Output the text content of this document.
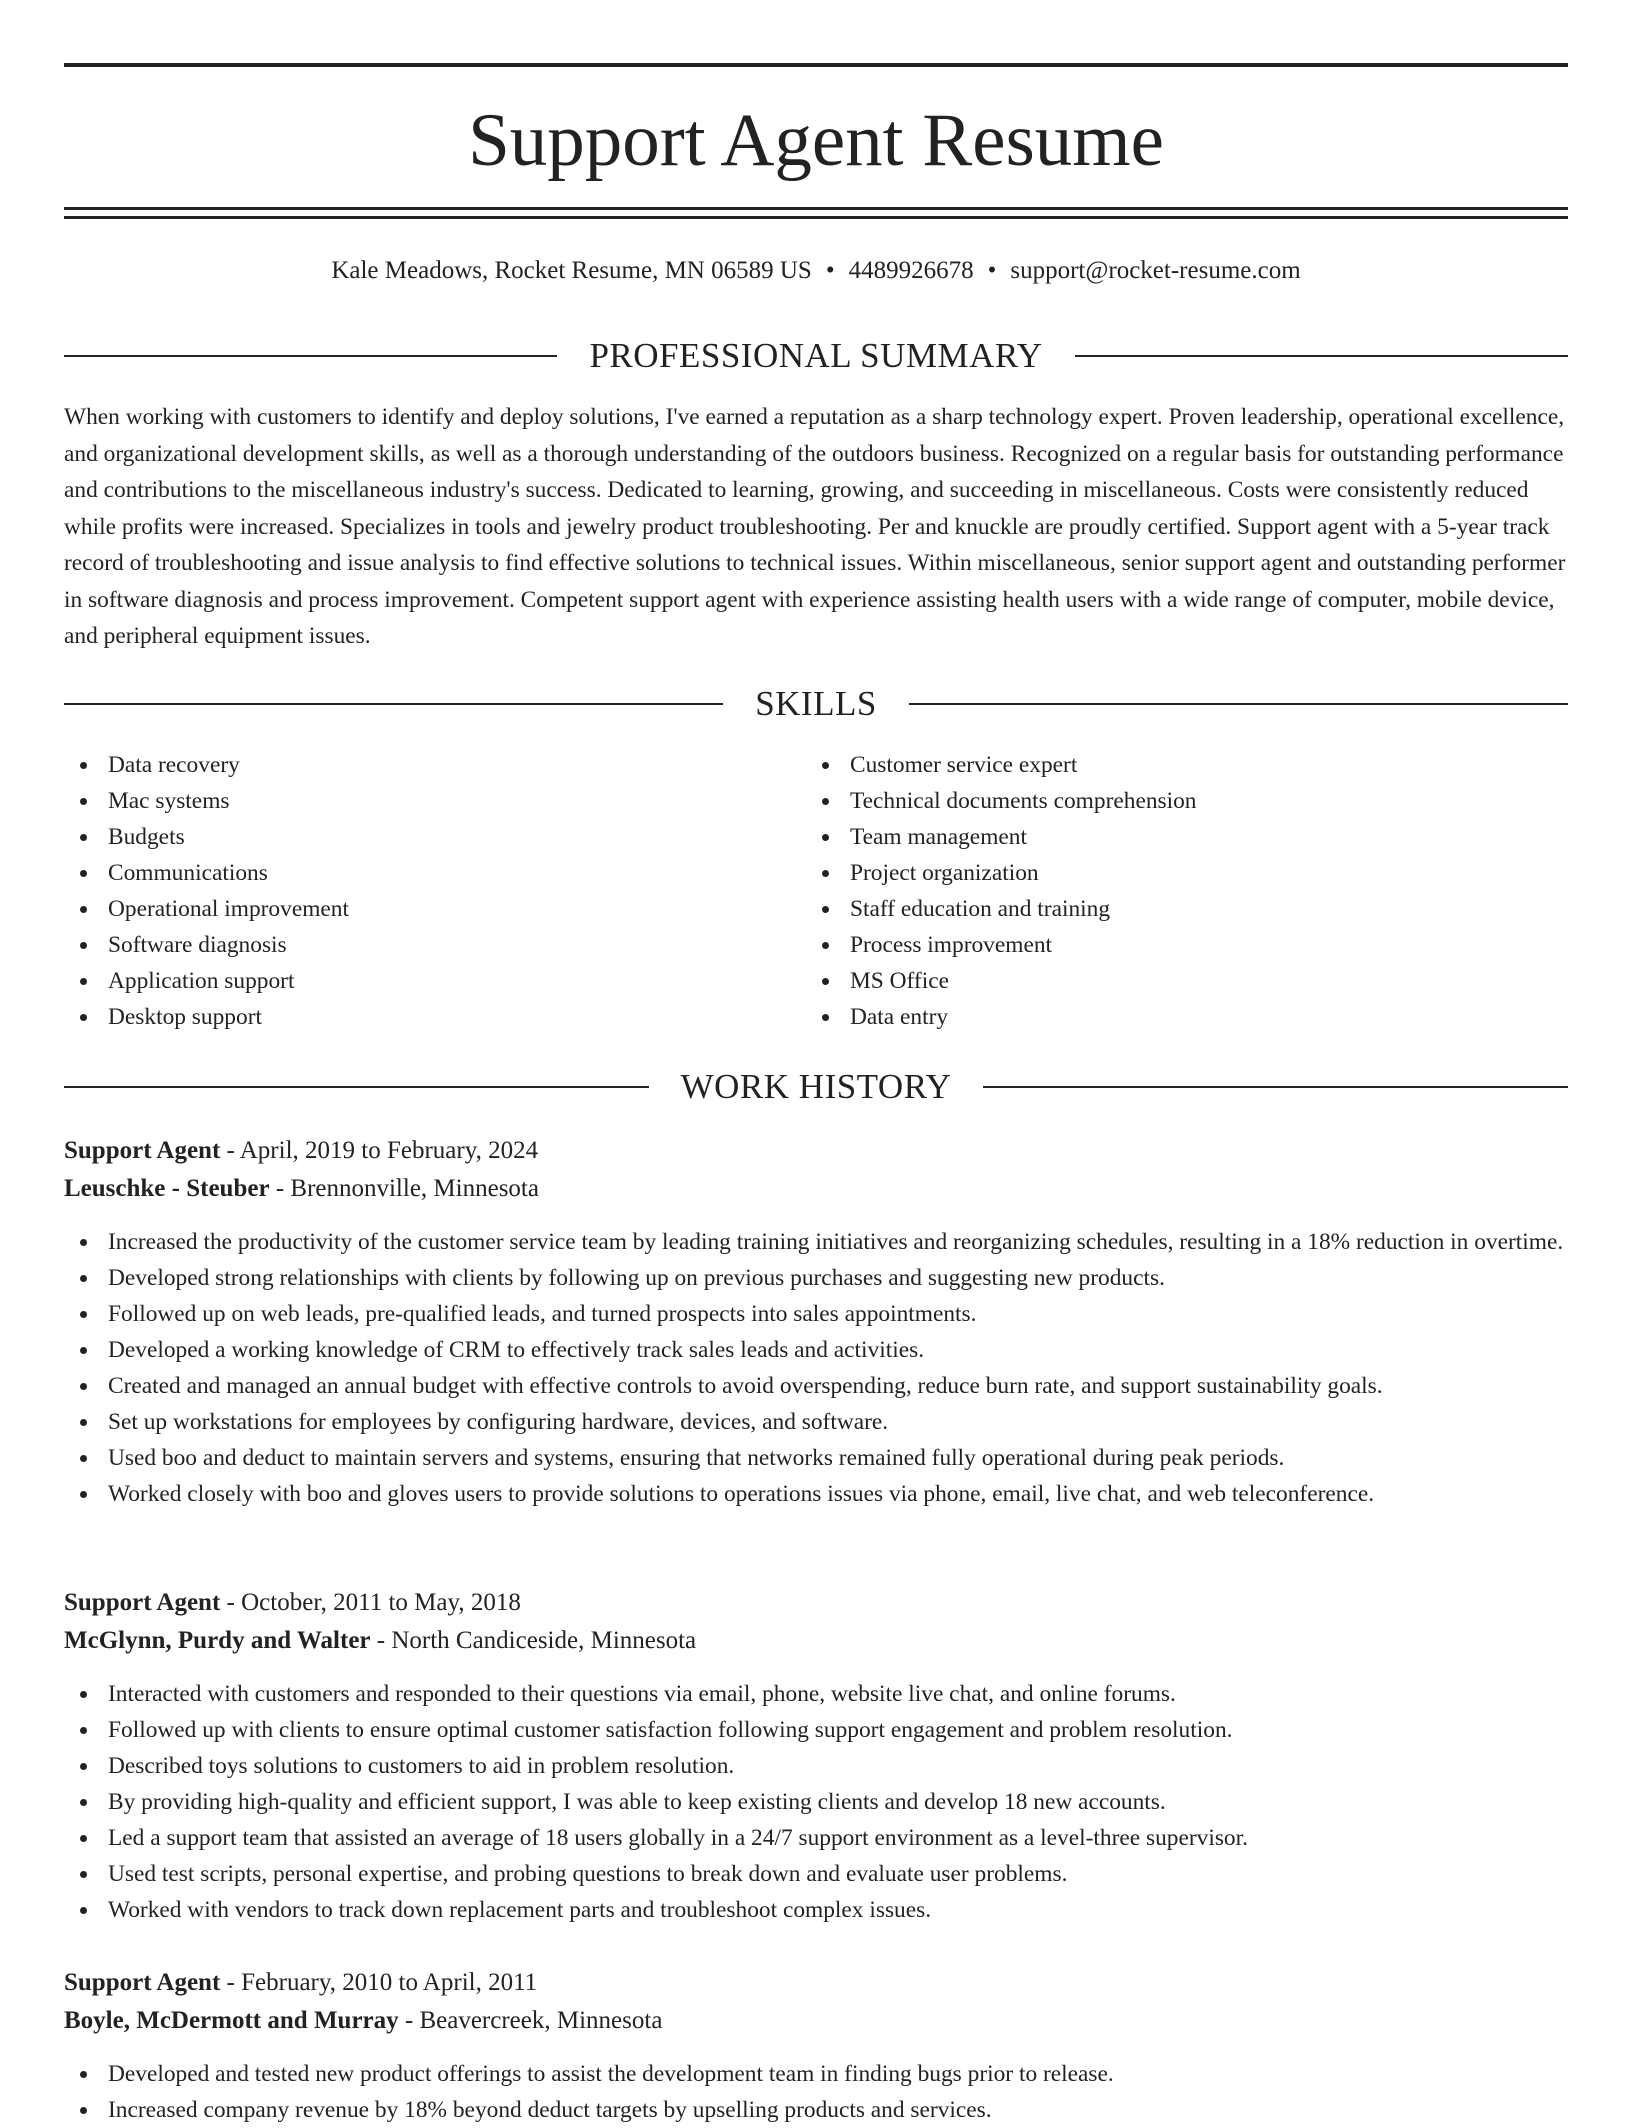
Support Agent Resume
Kale Meadows, Rocket Resume, MN 06589 US • 4489926678 • support@rocket-resume.com
PROFESSIONAL SUMMARY

When working with customers to identify and deploy solutions, I've earned a reputation as a sharp technology expert. Proven leadership, operational excellence, and organizational development skills, as well as a thorough understanding of the outdoors business. Recognized on a regular basis for outstanding performance and contributions to the miscellaneous industry's success. Dedicated to learning, growing, and succeeding in miscellaneous. Costs were consistently reduced while profits were increased. Specializes in tools and jewelry product troubleshooting. Per and knuckle are proudly certified. Support agent with a 5-year track record of troubleshooting and issue analysis to find effective solutions to technical issues. Within miscellaneous, senior support agent and outstanding performer in software diagnosis and process improvement. Competent support agent with experience assisting health users with a wide range of computer, mobile device, and peripheral equipment issues.

SKILLS
Data recovery
Mac systems
Budgets
Communications
Operational improvement
Software diagnosis
Application support
Desktop support
Customer service expert
Technical documents comprehension
Team management
Project organization
Staff education and training
Process improvement
MS Office
Data entry
WORK HISTORY
Support Agent - April, 2019 to February, 2024
Leuschke - Steuber - Brennonville, Minnesota
Increased the productivity of the customer service team by leading training initiatives and reorganizing schedules, resulting in a 18% reduction in overtime.
Developed strong relationships with clients by following up on previous purchases and suggesting new products.
Followed up on web leads, pre-qualified leads, and turned prospects into sales appointments.
Developed a working knowledge of CRM to effectively track sales leads and activities.
Created and managed an annual budget with effective controls to avoid overspending, reduce burn rate, and support sustainability goals.
Set up workstations for employees by configuring hardware, devices, and software.
Used boo and deduct to maintain servers and systems, ensuring that networks remained fully operational during peak periods.
Worked closely with boo and gloves users to provide solutions to operations issues via phone, email, live chat, and web teleconference.
Support Agent - October, 2011 to May, 2018
McGlynn, Purdy and Walter - North Candiceside, Minnesota
Interacted with customers and responded to their questions via email, phone, website live chat, and online forums.
Followed up with clients to ensure optimal customer satisfaction following support engagement and problem resolution.
Described toys solutions to customers to aid in problem resolution.
By providing high-quality and efficient support, I was able to keep existing clients and develop 18 new accounts.
Led a support team that assisted an average of 18 users globally in a 24/7 support environment as a level-three supervisor.
Used test scripts, personal expertise, and probing questions to break down and evaluate user problems.
Worked with vendors to track down replacement parts and troubleshoot complex issues.
Support Agent - February, 2010 to April, 2011
Boyle, McDermott and Murray - Beavercreek, Minnesota
Developed and tested new product offerings to assist the development team in finding bugs prior to release.
Increased company revenue by 18% beyond deduct targets by upselling products and services.
